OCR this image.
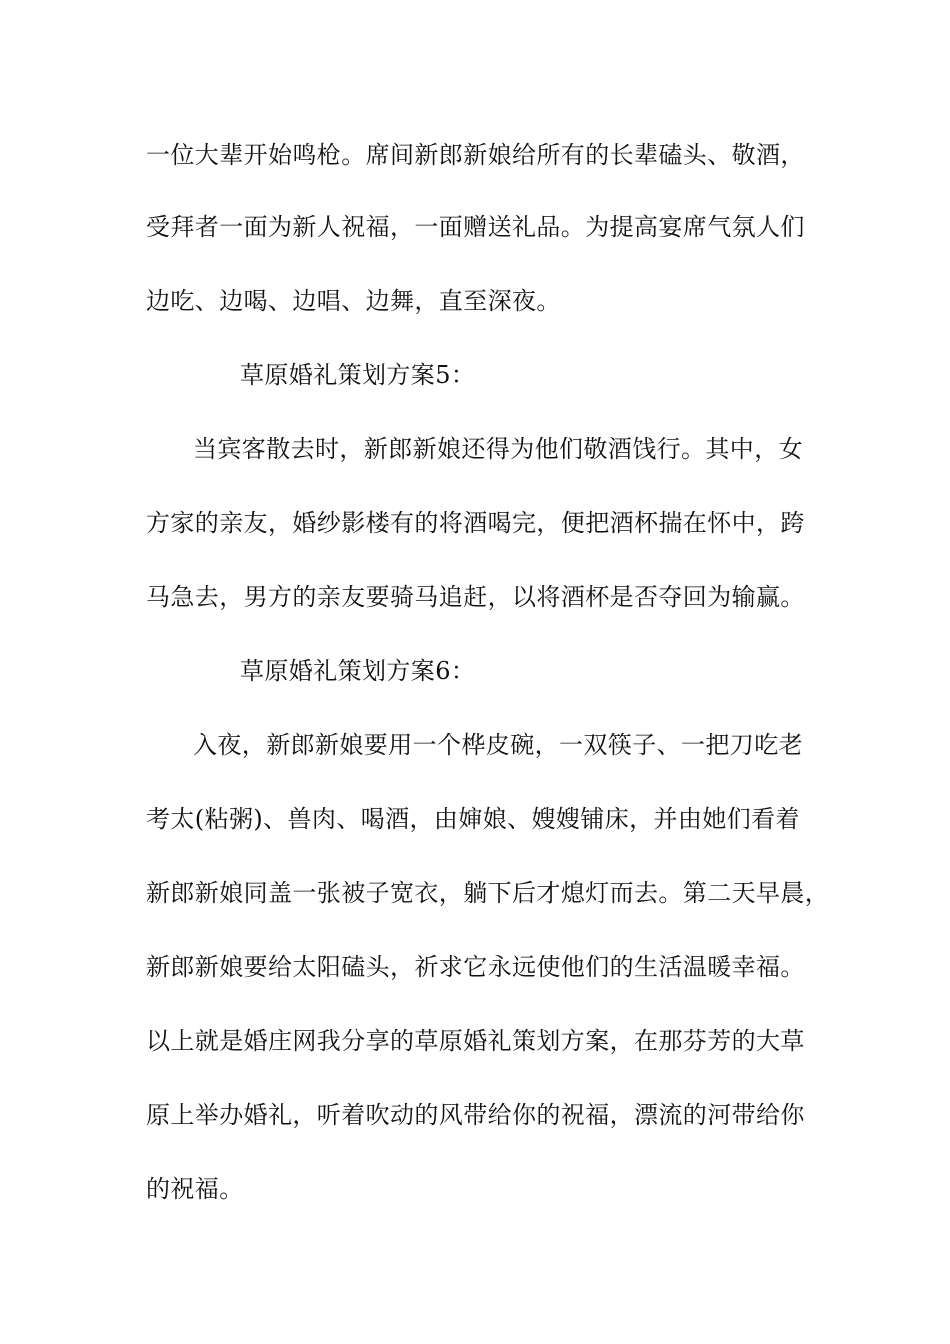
一位大辈开始鸣枪。席间新郎新娘给所有的长辈磕头、敬酒，
受拜者一面为新人祝福，一面赠送礼品。为提高宴席气氛人们
边吃、边喝、边唱、边舞，直至深夜。
草原婚礼策划方案5：
当宾客散去时，新郎新娘还得为他们敬酒饯行。其中，女
方家的亲友，婚纱影楼有的将酒喝完，便把酒杯揣在怀中，跨
马急去，男方的亲友要骑马追赶，以将酒杯是否夺回为输赢。
草原婚礼策划方案6：
入夜，新郎新娘要用一个桦皮碗，一双筷子、一把刀吃老
考太(粘粥)、兽肉、喝酒，由婶娘、嫂嫂铺床，并由她们看着
新郎新娘同盖一张被子宽衣，躺下后才熄灯而去。第二天早晨，
新郎新娘要给太阳磕头，祈求它永远使他们的生活温暖幸福。
以上就是婚庄网我分享的草原婚礼策划方案，在那芬芳的大草
原上举办婚礼，听着吹动的风带给你的祝福，漂流的河带给你
的祝福。
